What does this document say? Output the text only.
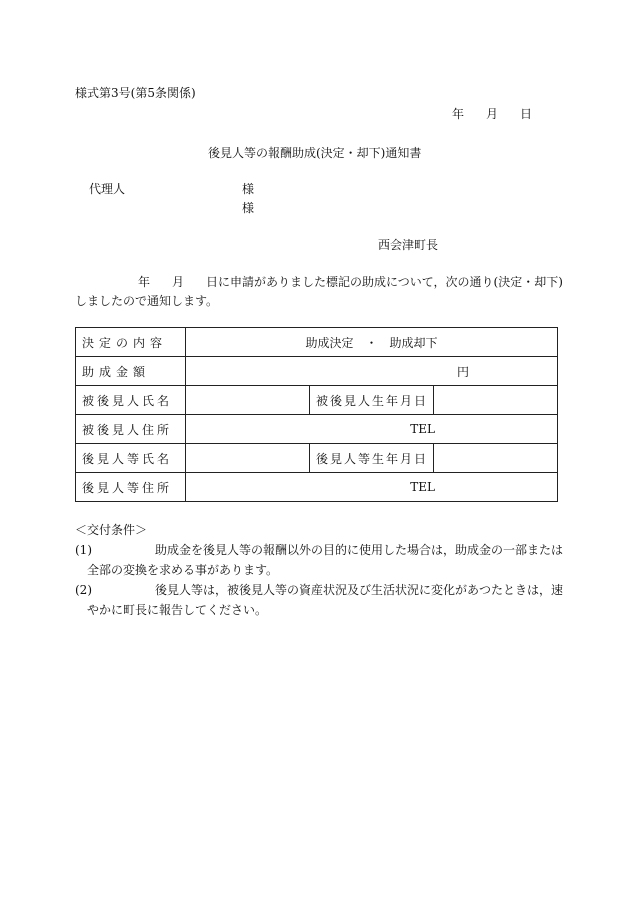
様式第3号(第5条関係)
年 月 日
後見人等の報酬助成(決定・却下)通知書
代理人	様
様
西会津町長
年 月 日に申請がありました標記の助成について，次の通り(決定・却下)
しましたので通知します。
決定の内容	助成決定　・　助成却下		
助成金額	円		
被後見人氏名		被後見人生年月日	
被後見人住所	TEL		
後見人等氏名		後見人等生年月日	
後見人等住所	TEL		
＜交付条件＞
(1)	助成金を後見人等の報酬以外の目的に使用した場合は，助成金の一部または
全部の変換を求める事があります。
(2)	後見人等は，被後見人等の資産状況及び生活状況に変化があつたときは，速
やかに町長に報告してください。
